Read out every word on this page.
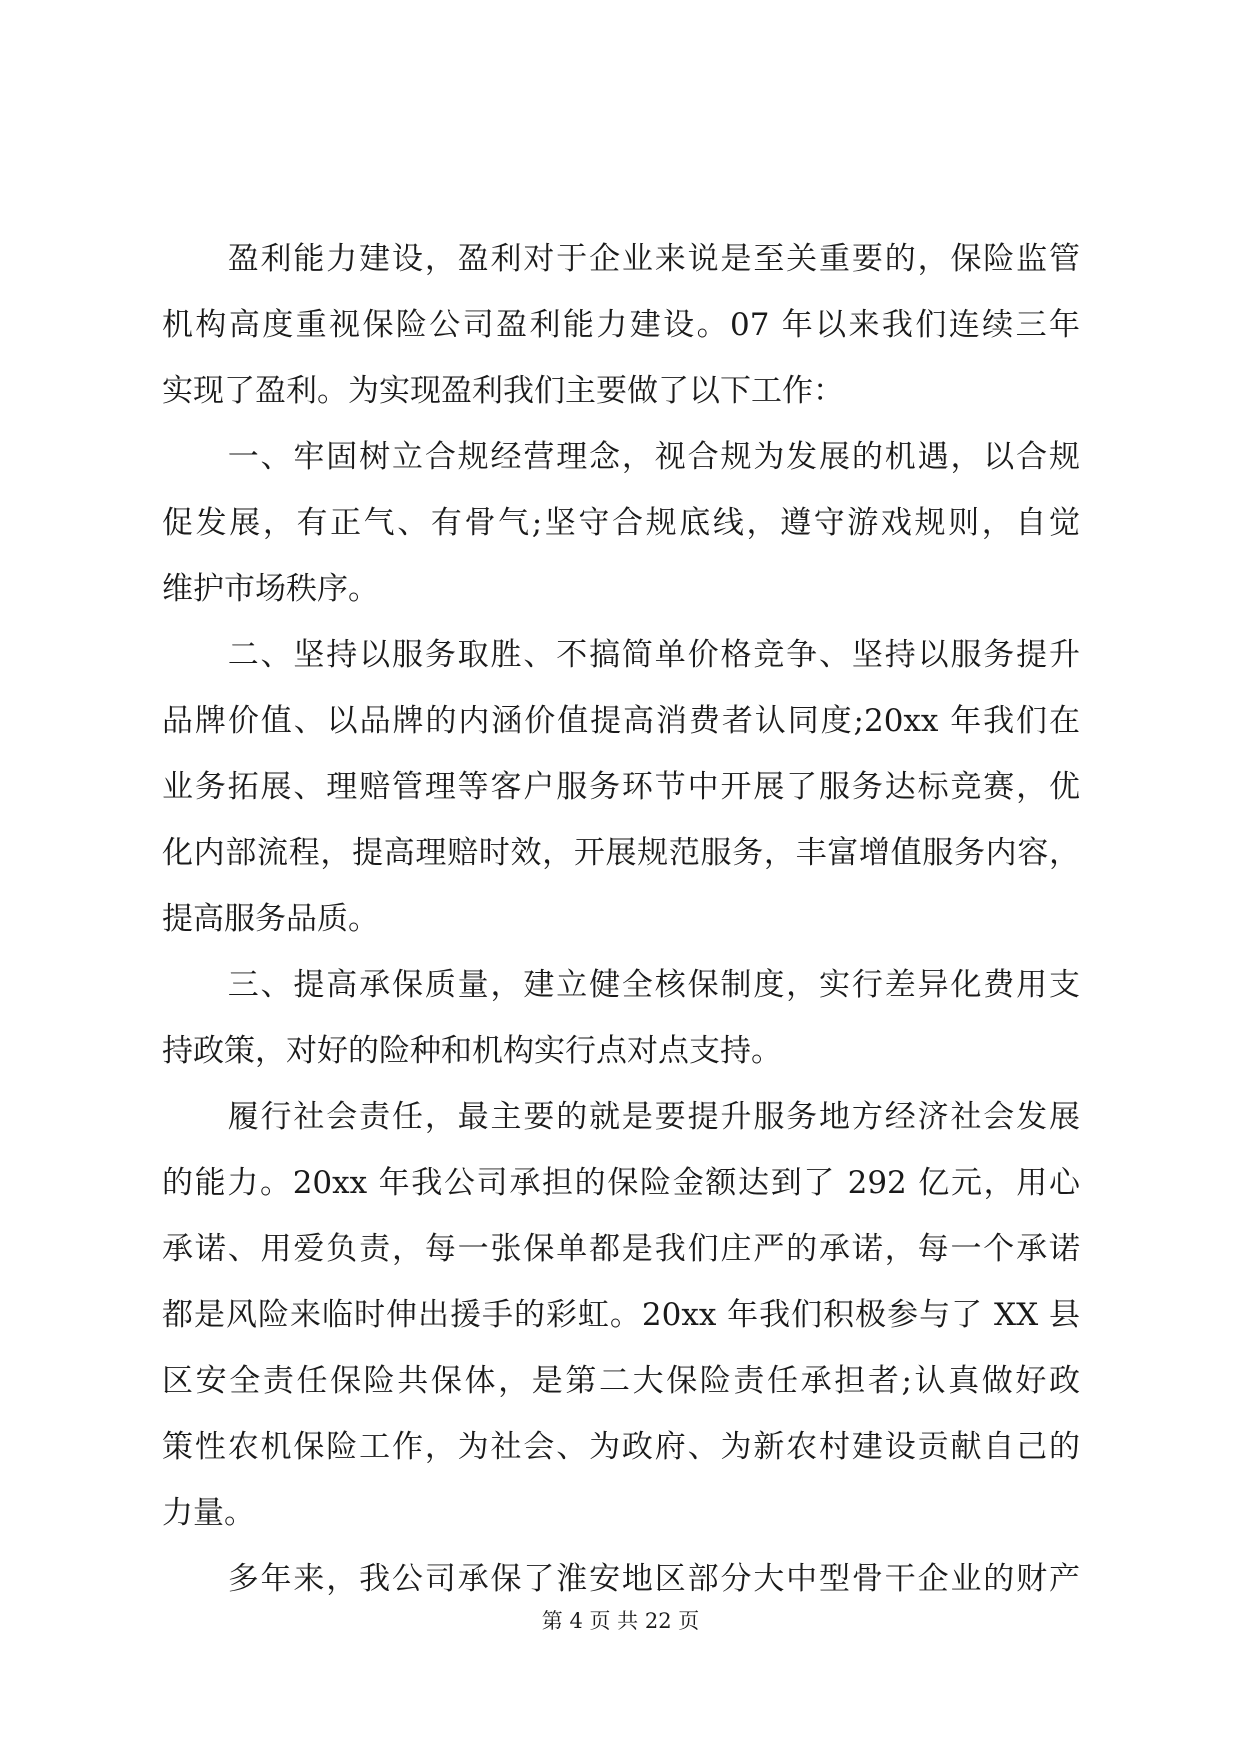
　　盈利能力建设，盈利对于企业来说是至关重要的，保险监管
机构高度重视保险公司盈利能力建设。07 年以来我们连续三年
实现了盈利。为实现盈利我们主要做了以下工作：
　　一、牢固树立合规经营理念，视合规为发展的机遇，以合规
促发展，有正气、有骨气;坚守合规底线，遵守游戏规则，自觉
维护市场秩序。
　　二、坚持以服务取胜、不搞简单价格竞争、坚持以服务提升
品牌价值、以品牌的内涵价值提高消费者认同度;20xx 年我们在
业务拓展、理赔管理等客户服务环节中开展了服务达标竞赛，优
化内部流程，提高理赔时效，开展规范服务，丰富增值服务内容，
提高服务品质。
　　三、提高承保质量，建立健全核保制度，实行差异化费用支
持政策，对好的险种和机构实行点对点支持。
　　履行社会责任，最主要的就是要提升服务地方经济社会发展
的能力。20xx 年我公司承担的保险金额达到了 292 亿元，用心
承诺、用爱负责，每一张保单都是我们庄严的承诺，每一个承诺
都是风险来临时伸出援手的彩虹。20xx 年我们积极参与了 XX 县
区安全责任保险共保体，是第二大保险责任承担者;认真做好政
策性农机保险工作，为社会、为政府、为新农村建设贡献自己的
力量。
　　多年来，我公司承保了淮安地区部分大中型骨干企业的财产
第 4 页 共 22 页
